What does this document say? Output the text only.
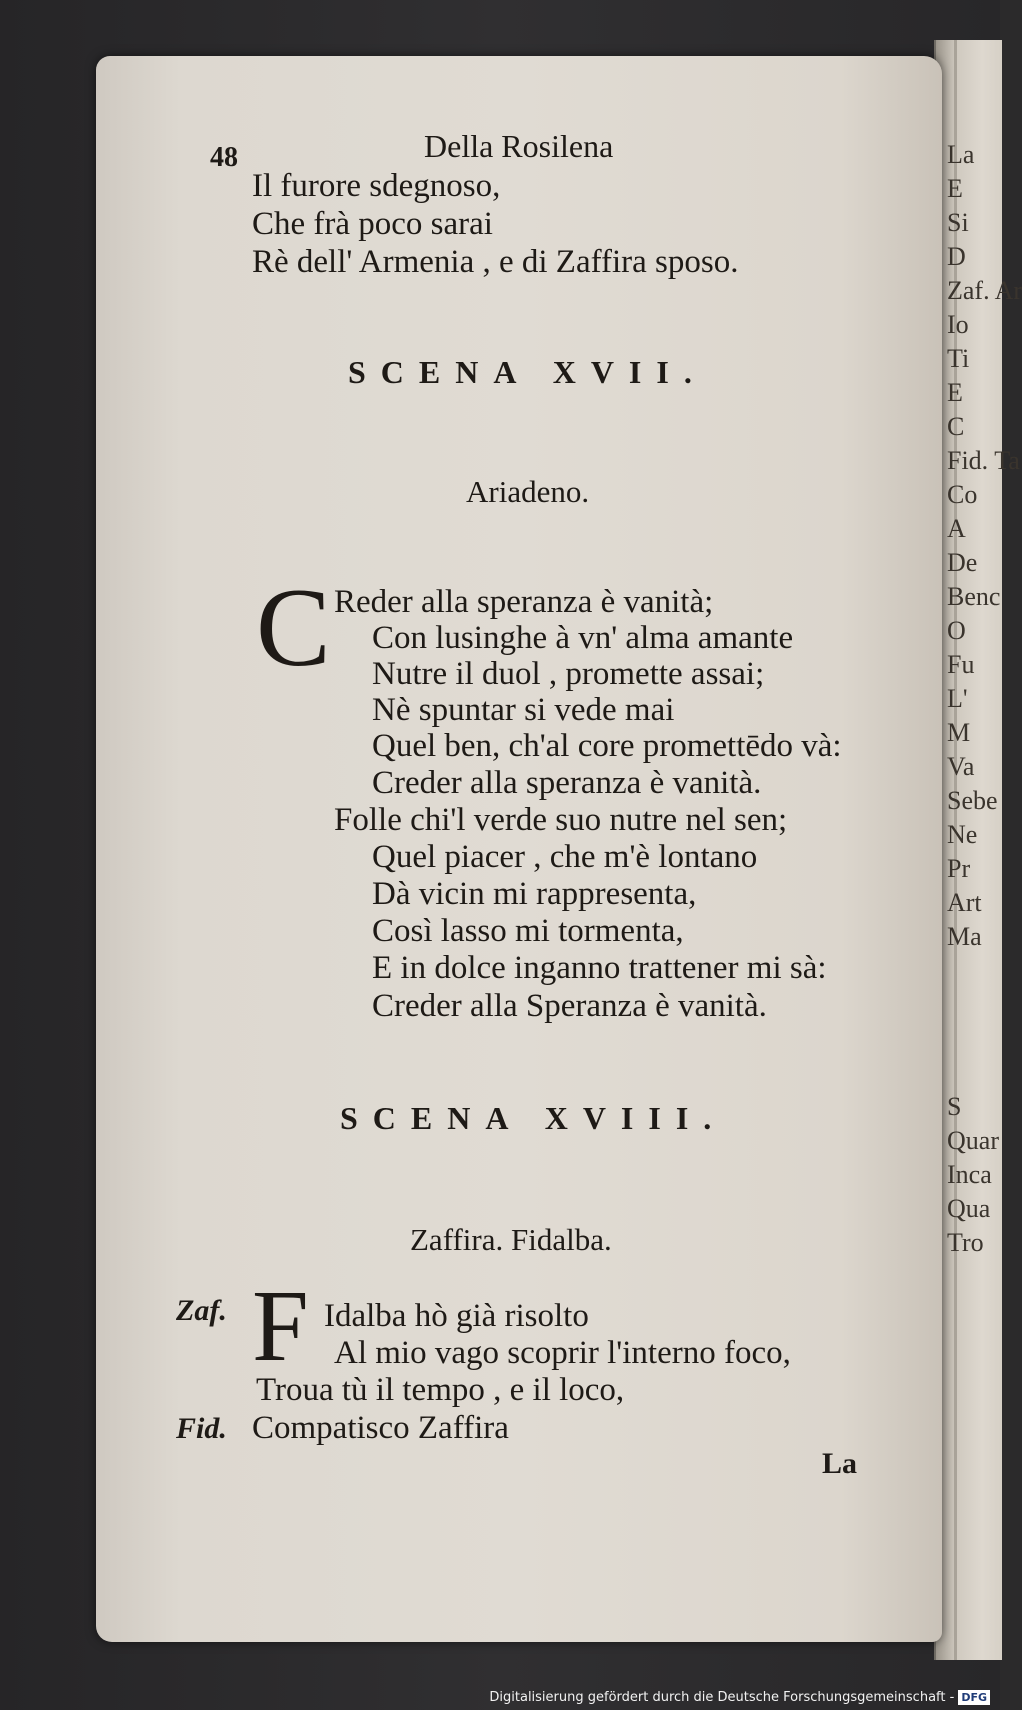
La
E
Si
D
Zaf. Ar
Io
Ti
E
C
Fid. Ta
Co
A
De
Benc
O
Fu
L'
M
Va
Sebe
Ne
Pr
Art
Ma
S
Quar
Inca
Qua
Tro
48	Della Rosilena
Il furore sdegnoso,
Che frà poco sarai
Rè dell' Armenia , e di Zaffira sposo.
SCENA XVII.
Ariadeno.
C Reder alla speranza è vanità;
Con lusinghe à vn' alma amante
Nutre il duol , promette assai;
Nè spuntar si vede mai
Quel ben, ch'al core promettēdo và:
Creder alla speranza è vanità.
Folle chi'l verde suo nutre nel sen;
Quel piacer , che m'è lontano
Dà vicin mi rappresenta,
Così lasso mi tormenta,
E in dolce inganno trattener mi sà:
Creder alla Speranza è vanità.
SCENA XVIII.
Zaffira. Fidalba.
Zaf. F Idalba hò già risolto
Al mio vago scoprir l'interno foco,
Troua tù il tempo , e il loco,
Fid. Compatisco Zaffira
La
Digitalisierung gefördert durch die Deutsche Forschungsgemeinschaft - DFG
